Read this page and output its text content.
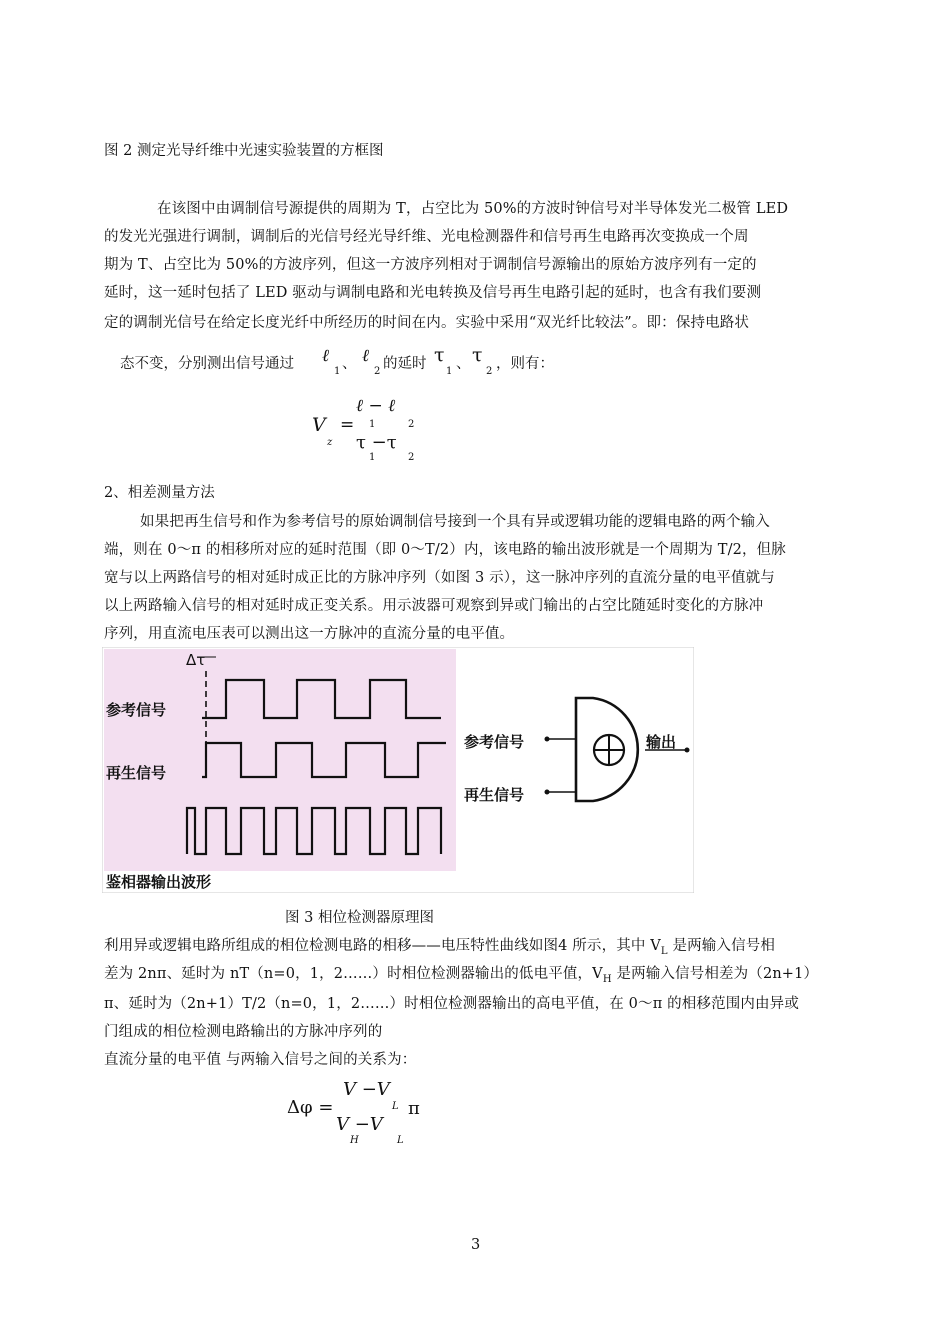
图 2 测定光导纤维中光速实验装置的方框图
在该图中由调制信号源提供的周期为 T，占空比为 50%的方波时钟信号对半导体发光二极管 LED
的发光光强进行调制，调制后的光信号经光导纤维、光电检测器件和信号再生电路再次变换成一个周
期为 T、占空比为 50%的方波序列，但这一方波序列相对于调制信号源输出的原始方波序列有一定的
延时，这一延时包括了 LED 驱动与调制电路和光电转换及信号再生电路引起的延时，也含有我们要测
定的调制光信号在给定长度光纤中所经历的时间在内。实验中采用“双光纤比较法”。即：保持电路状
态不变，分别测出信号通过 ℓ
1 、 ℓ
2 的延时 τ
1 、 τ
2 ，则有：
V
z
=
ℓ − ℓ
1	2
τ −τ
1	2
2、相差测量方法
如果把再生信号和作为参考信号的原始调制信号接到一个具有异或逻辑功能的逻辑电路的两个输入
端，则在 0～π 的相移所对应的延时范围（即 0～T/2）内，该电路的输出波形就是一个周期为 T/2，但脉
宽与以上两路信号的相对延时成正比的方脉冲序列（如图 3 示），这一脉冲序列的直流分量的电平值就与
以上两路输入信号的相对延时成正变关系。用示波器可观察到异或门输出的占空比随延时变化的方脉冲
序列，用直流电压表可以测出这一方脉冲的直流分量的电平值。
Δτ
参考信号
再生信号
鉴相器输出波形
参考信号
再生信号
输出
图 3 相位检测器原理图
利用异或逻辑电路所组成的相位检测电路的相移——电压特性曲线如图4 所示，其中 $V_L$ 是两输入信号相
差为 2nπ、延时为 nT（n=0，1，2……）时相位检测器输出的低电平值，$V_H$ 是两输入信号相差为（2n+1）
π、延时为（2n+1）T/2（n=0，1，2……）时相位检测器输出的高电平值，在 0～π 的相移范围内由异或
门组成的相位检测电路输出的方脉冲序列的
直流分量的电平值 与两输入信号之间的关系为：
Δφ =
V −V
L π
V −V
H	L
3
